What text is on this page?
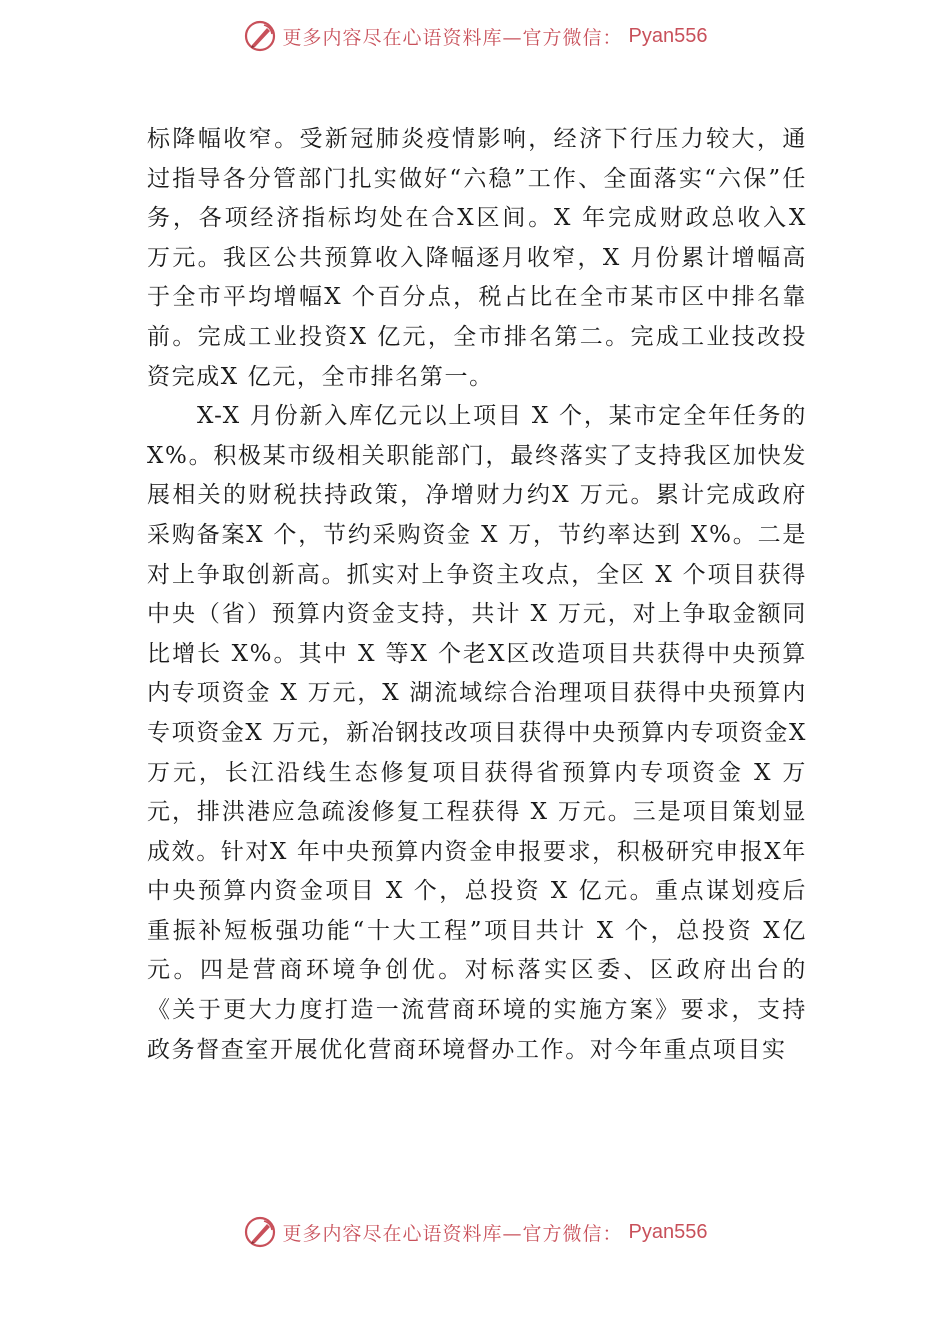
更多内容尽在心语资料库—官方微信： Pyan556

标降幅收窄。受新冠肺炎疫情影响，经济下行压力较大，通过指导各分管部门扎实做好“六稳”工作、全面落实“六保”任务，各项经济指标均处在合X区间。X 年完成财政总收入X 万元。我区公共预算收入降幅逐月收窄，X 月份累计增幅高于全市平均增幅X 个百分点，税占比在全市某市区中排名靠前。完成工业投资X 亿元，全市排名第二。完成工业技改投资完成X 亿元，全市排名第一。

X-X 月份新入库亿元以上项目 X 个，某市定全年任务的X%。积极某市级相关职能部门，最终落实了支持我区加快发展相关的财税扶持政策，净增财力约X 万元。累计完成政府采购备案X 个，节约采购资金 X 万，节约率达到 X%。二是对上争取创新高。抓实对上争资主攻点，全区 X 个项目获得中央（省）预算内资金支持，共计 X 万元，对上争取金额同比增长 X%。其中 X 等X 个老X区改造项目共获得中央预算内专项资金 X 万元，X 湖流域综合治理项目获得中央预算内专项资金X 万元，新冶钢技改项目获得中央预算内专项资金X 万元，长江沿线生态修复项目获得省预算内专项资金 X 万元，排洪港应急疏浚修复工程获得 X 万元。三是项目策划显成效。针对X 年中央预算内资金申报要求，积极研究申报X年中央预算内资金项目 X 个，总投资 X 亿元。重点谋划疫后重振补短板强功能“十大工程”项目共计 X 个，总投资 X亿元。四是营商环境争创优。对标落实区委、区政府出台的《关于更大力度打造一流营商环境的实施方案》要求，支持政务督查室开展优化营商环境督办工作。对今年重点项目实

更多内容尽在心语资料库—官方微信： Pyan556
